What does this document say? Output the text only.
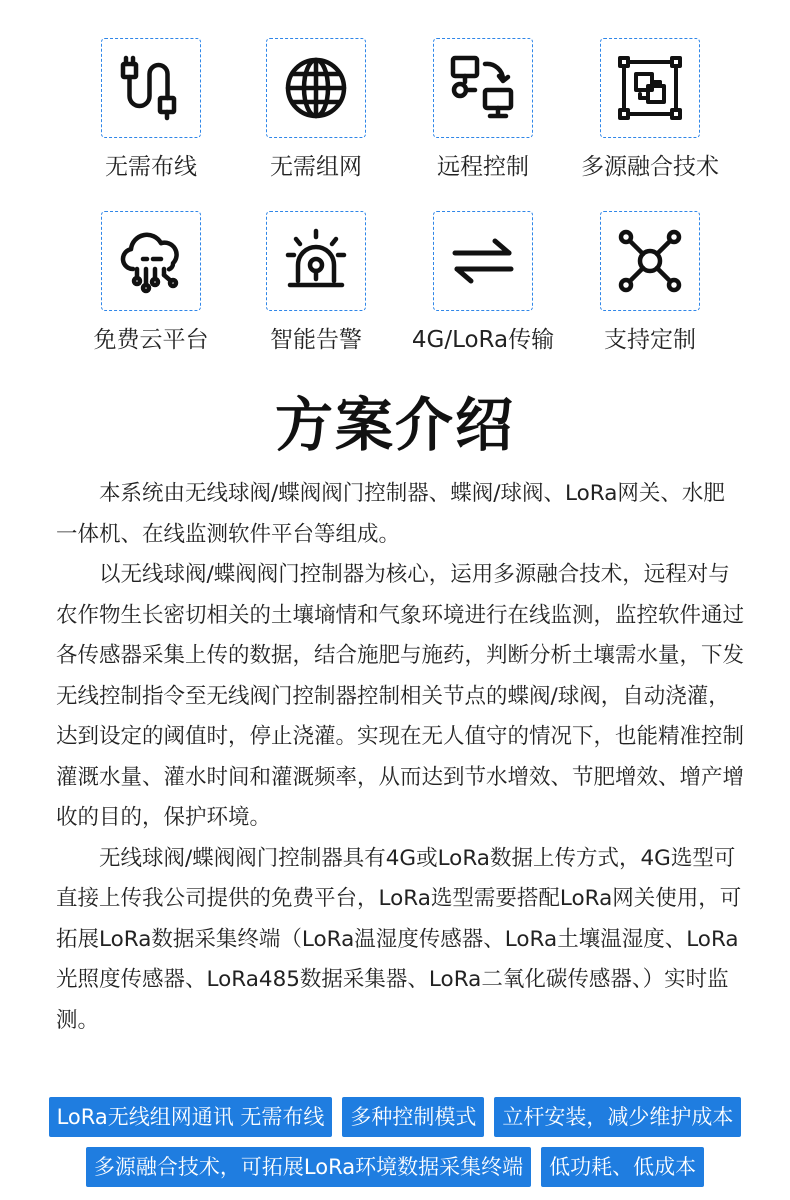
无需布线	无需组网	远程控制	多源融合技术
免费云平台	智能告警	4G/LoRa传输	支持定制
方案介绍

本系统由无线球阀/蝶阀阀门控制器、蝶阀/球阀、LoRa网关、水肥一体机、在线监测软件平台等组成。

以无线球阀/蝶阀阀门控制器为核心，运用多源融合技术，远程对与农作物生长密切相关的土壤墒情和气象环境进行在线监测，监控软件通过各传感器采集上传的数据，结合施肥与施药，判断分析土壤需水量，下发无线控制指令至无线阀门控制器控制相关节点的蝶阀/球阀，自动浇灌，达到设定的阈值时，停止浇灌。实现在无人值守的情况下，也能精准控制灌溉水量、灌水时间和灌溉频率，从而达到节水增效、节肥增效、增产增收的目的，保护环境。

无线球阀/蝶阀阀门控制器具有4G或LoRa数据上传方式，4G选型可直接上传我公司提供的免费平台，LoRa选型需要搭配LoRa网关使用，可拓展LoRa数据采集终端（LoRa温湿度传感器、LoRa土壤温湿度、LoRa光照度传感器、LoRa485数据采集器、LoRa二氧化碳传感器、）实时监测。

LoRa无线组网通讯 无需布线	多种控制模式	立杆安装，减少维护成本
多源融合技术，可拓展LoRa环境数据采集终端	低功耗、低成本
